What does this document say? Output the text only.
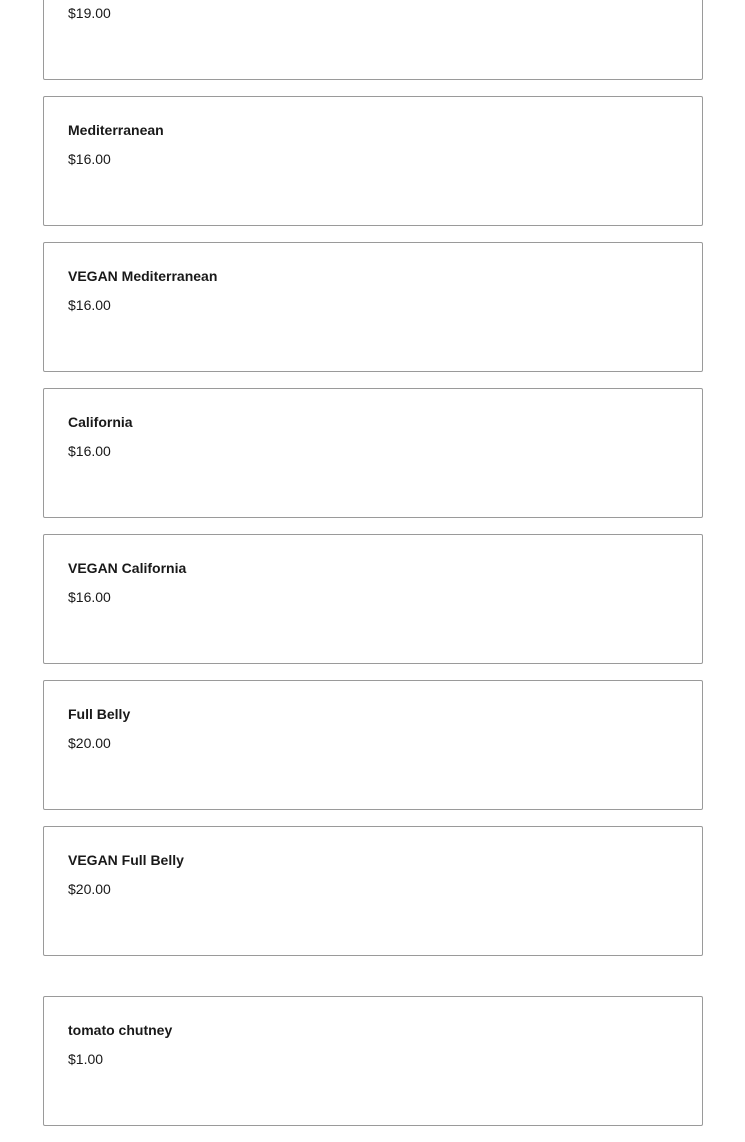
$19.00
Mediterranean
$16.00
VEGAN Mediterranean
$16.00
California
$16.00
VEGAN California
$16.00
Full Belly
$20.00
VEGAN Full Belly
$20.00
tomato chutney
$1.00
